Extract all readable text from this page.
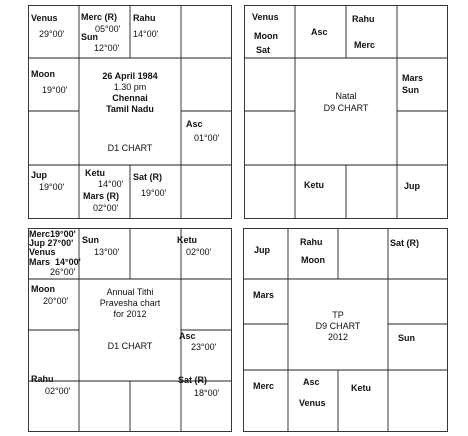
Venus
29°00'
Merc (R)
05°00'
Sun
12°00'
Rahu
14°00'
Moon
19°00'
26 April 1984
1.30 pm
Chennai
Tamil Nadu
D1 CHART
Asc
01°00'
Jup
19°00'
Ketu
14°00'
Mars (R)
02°00'
Sat (R)
19°00'
Venus
Moon
Sat
Asc
Rahu
Merc
Natal
D9 CHART
Mars
Sun
Ketu	Jup
Merc19°00'
Jup 27°00'
Venus
Mars  14°00'
26°00'
Sun
13°00'
Ketu
02°00'
Moon
20°00'
Annual Tithi
Pravesha chart
for 2012
D1 CHART
Asc
23°00'
Rahu
02°00'
Sat (R)
18°00'
Jup
Rahu
Moon
Sat (R)
Mars
TP
D9 CHART
2012	Sun
Merc	Asc
Venus
Ketu
